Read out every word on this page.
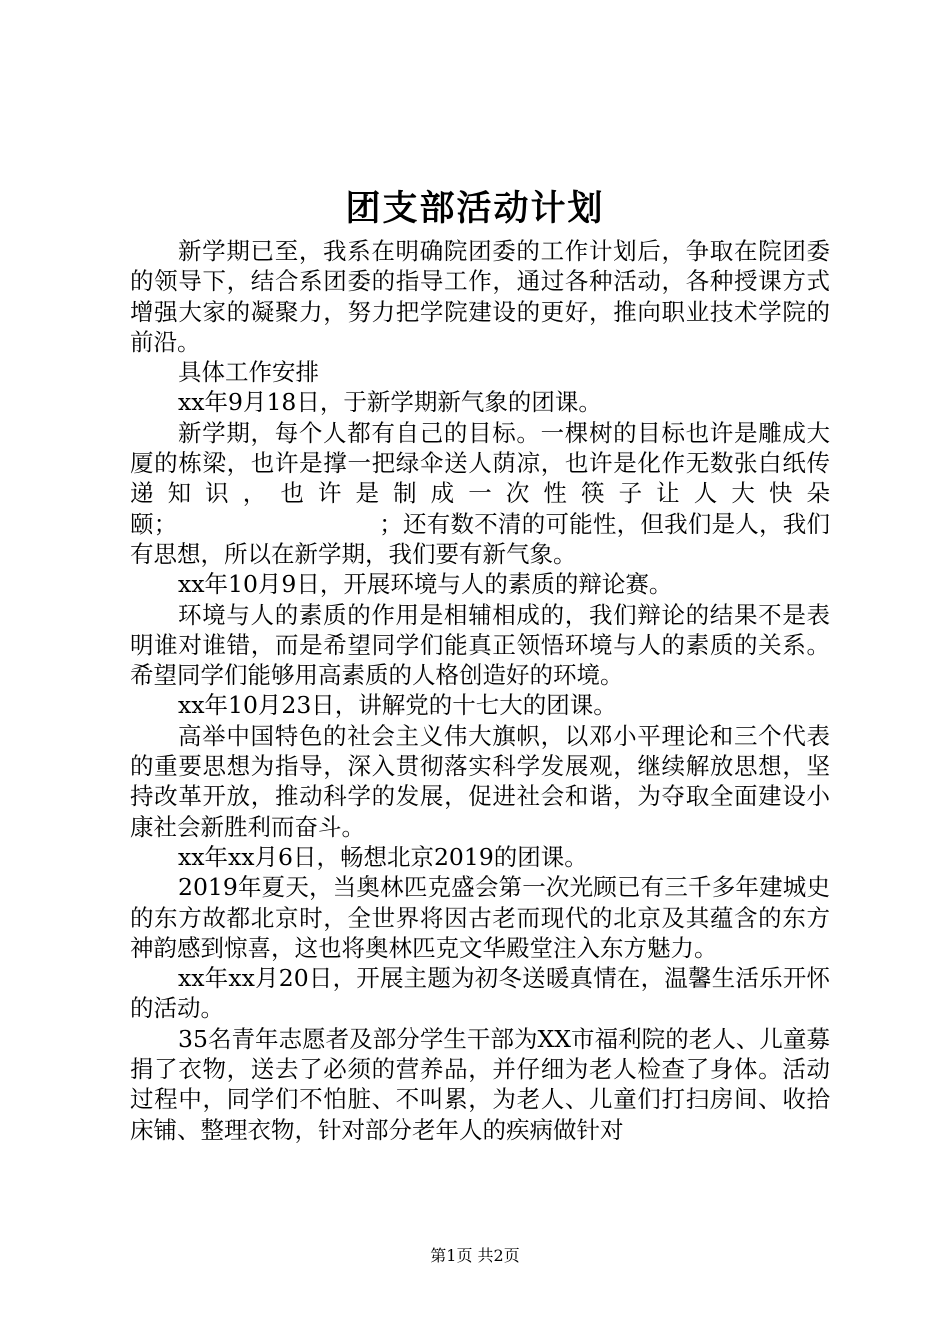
团支部活动计划

新学期已至，我系在明确院团委的工作计划后，争取在院团委的领导下，结合系团委的指导工作，通过各种活动，各种授课方式增强大家的凝聚力，努力把学院建设的更好，推向职业技术学院的前沿。

具体工作安排

xx年9月18日，于新学期新气象的团课。

新学期，每个人都有自己的目标。一棵树的目标也许是雕成大厦的栋梁，也许是撑一把绿伞送人荫凉，也许是化作无数张白纸传递知识，也许是制成一次性筷子让人大快朵颐；　　　　　　　　　；还有数不清的可能性，但我们是人，我们有思想，所以在新学期，我们要有新气象。

xx年10月9日，开展环境与人的素质的辩论赛。

环境与人的素质的作用是相辅相成的，我们辩论的结果不是表明谁对谁错，而是希望同学们能真正领悟环境与人的素质的关系。希望同学们能够用高素质的人格创造好的环境。

xx年10月23日，讲解党的十七大的团课。

高举中国特色的社会主义伟大旗帜，以邓小平理论和三个代表的重要思想为指导，深入贯彻落实科学发展观，继续解放思想，坚持改革开放，推动科学的发展，促进社会和谐，为夺取全面建设小康社会新胜利而奋斗。

xx年xx月6日，畅想北京2019的团课。

2019年夏天，当奥林匹克盛会第一次光顾已有三千多年建城史的东方故都北京时，全世界将因古老而现代的北京及其蕴含的东方神韵感到惊喜，这也将奥林匹克文华殿堂注入东方魅力。

xx年xx月20日，开展主题为初冬送暖真情在，温馨生活乐开怀的活动。

35名青年志愿者及部分学生干部为XX市福利院的老人、儿童募捐了衣物，送去了必须的营养品，并仔细为老人检查了身体。活动过程中，同学们不怕脏、不叫累，为老人、儿童们打扫房间、收拾床铺、整理衣物，针对部分老年人的疾病做针对

第1页 共2页
